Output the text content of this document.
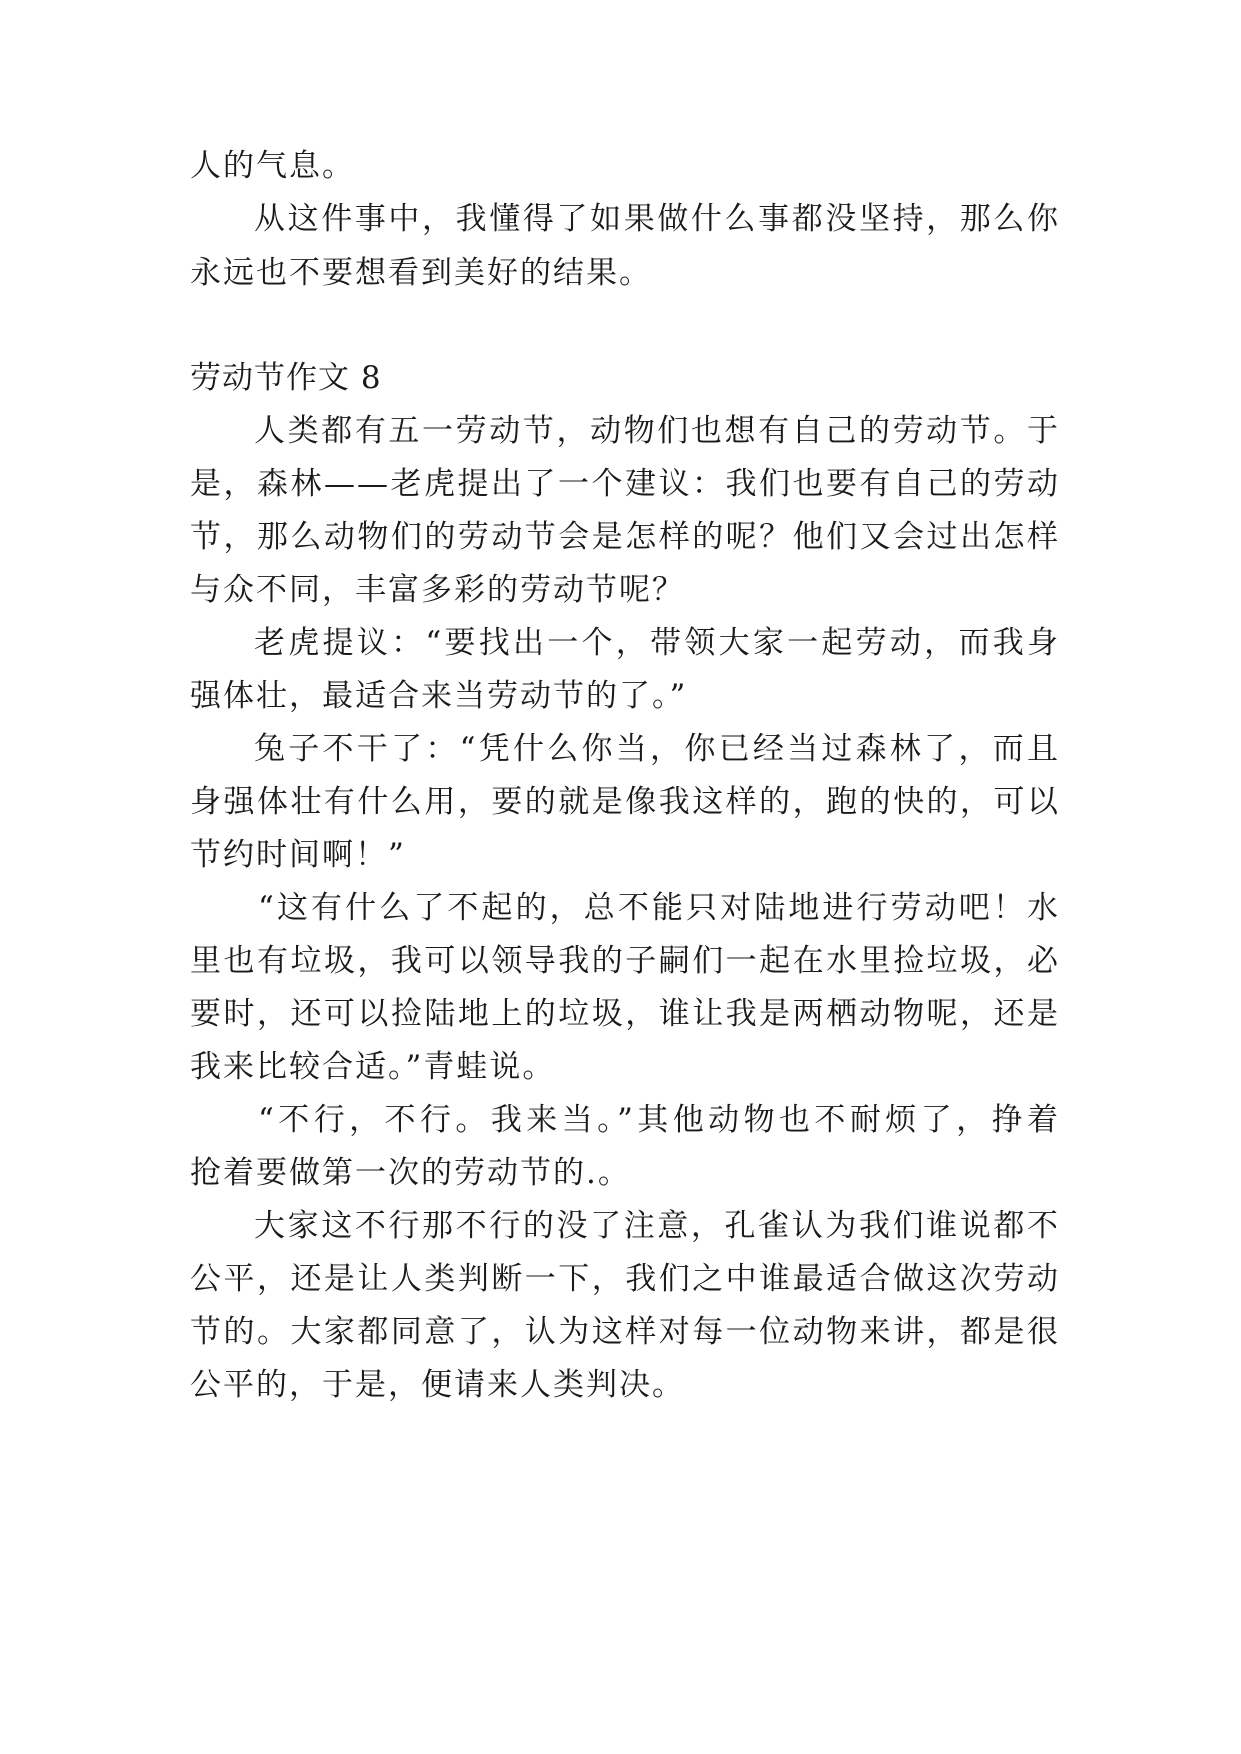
人的气息。
从这件事中，我懂得了如果做什么事都没坚持，那么你
永远也不要想看到美好的结果。
劳动节作文 8
人类都有五一劳动节，动物们也想有自己的劳动节。于
是，森林——老虎提出了一个建议：我们也要有自己的劳动
节，那么动物们的劳动节会是怎样的呢？他们又会过出怎样
与众不同，丰富多彩的劳动节呢？
老虎提议：“要找出一个，带领大家一起劳动，而我身
强体壮，最适合来当劳动节的了。”
兔子不干了：“凭什么你当，你已经当过森林了，而且
身强体壮有什么用，要的就是像我这样的，跑的快的，可以
节约时间啊！”
“这有什么了不起的，总不能只对陆地进行劳动吧！水
里也有垃圾，我可以领导我的子嗣们一起在水里捡垃圾，必
要时，还可以捡陆地上的垃圾，谁让我是两栖动物呢，还是
我来比较合适。”青蛙说。
“不行，不行。我来当。”其他动物也不耐烦了，挣着
抢着要做第一次的劳动节的.。
大家这不行那不行的没了注意，孔雀认为我们谁说都不
公平，还是让人类判断一下，我们之中谁最适合做这次劳动
节的。大家都同意了，认为这样对每一位动物来讲，都是很
公平的，于是，便请来人类判决。
